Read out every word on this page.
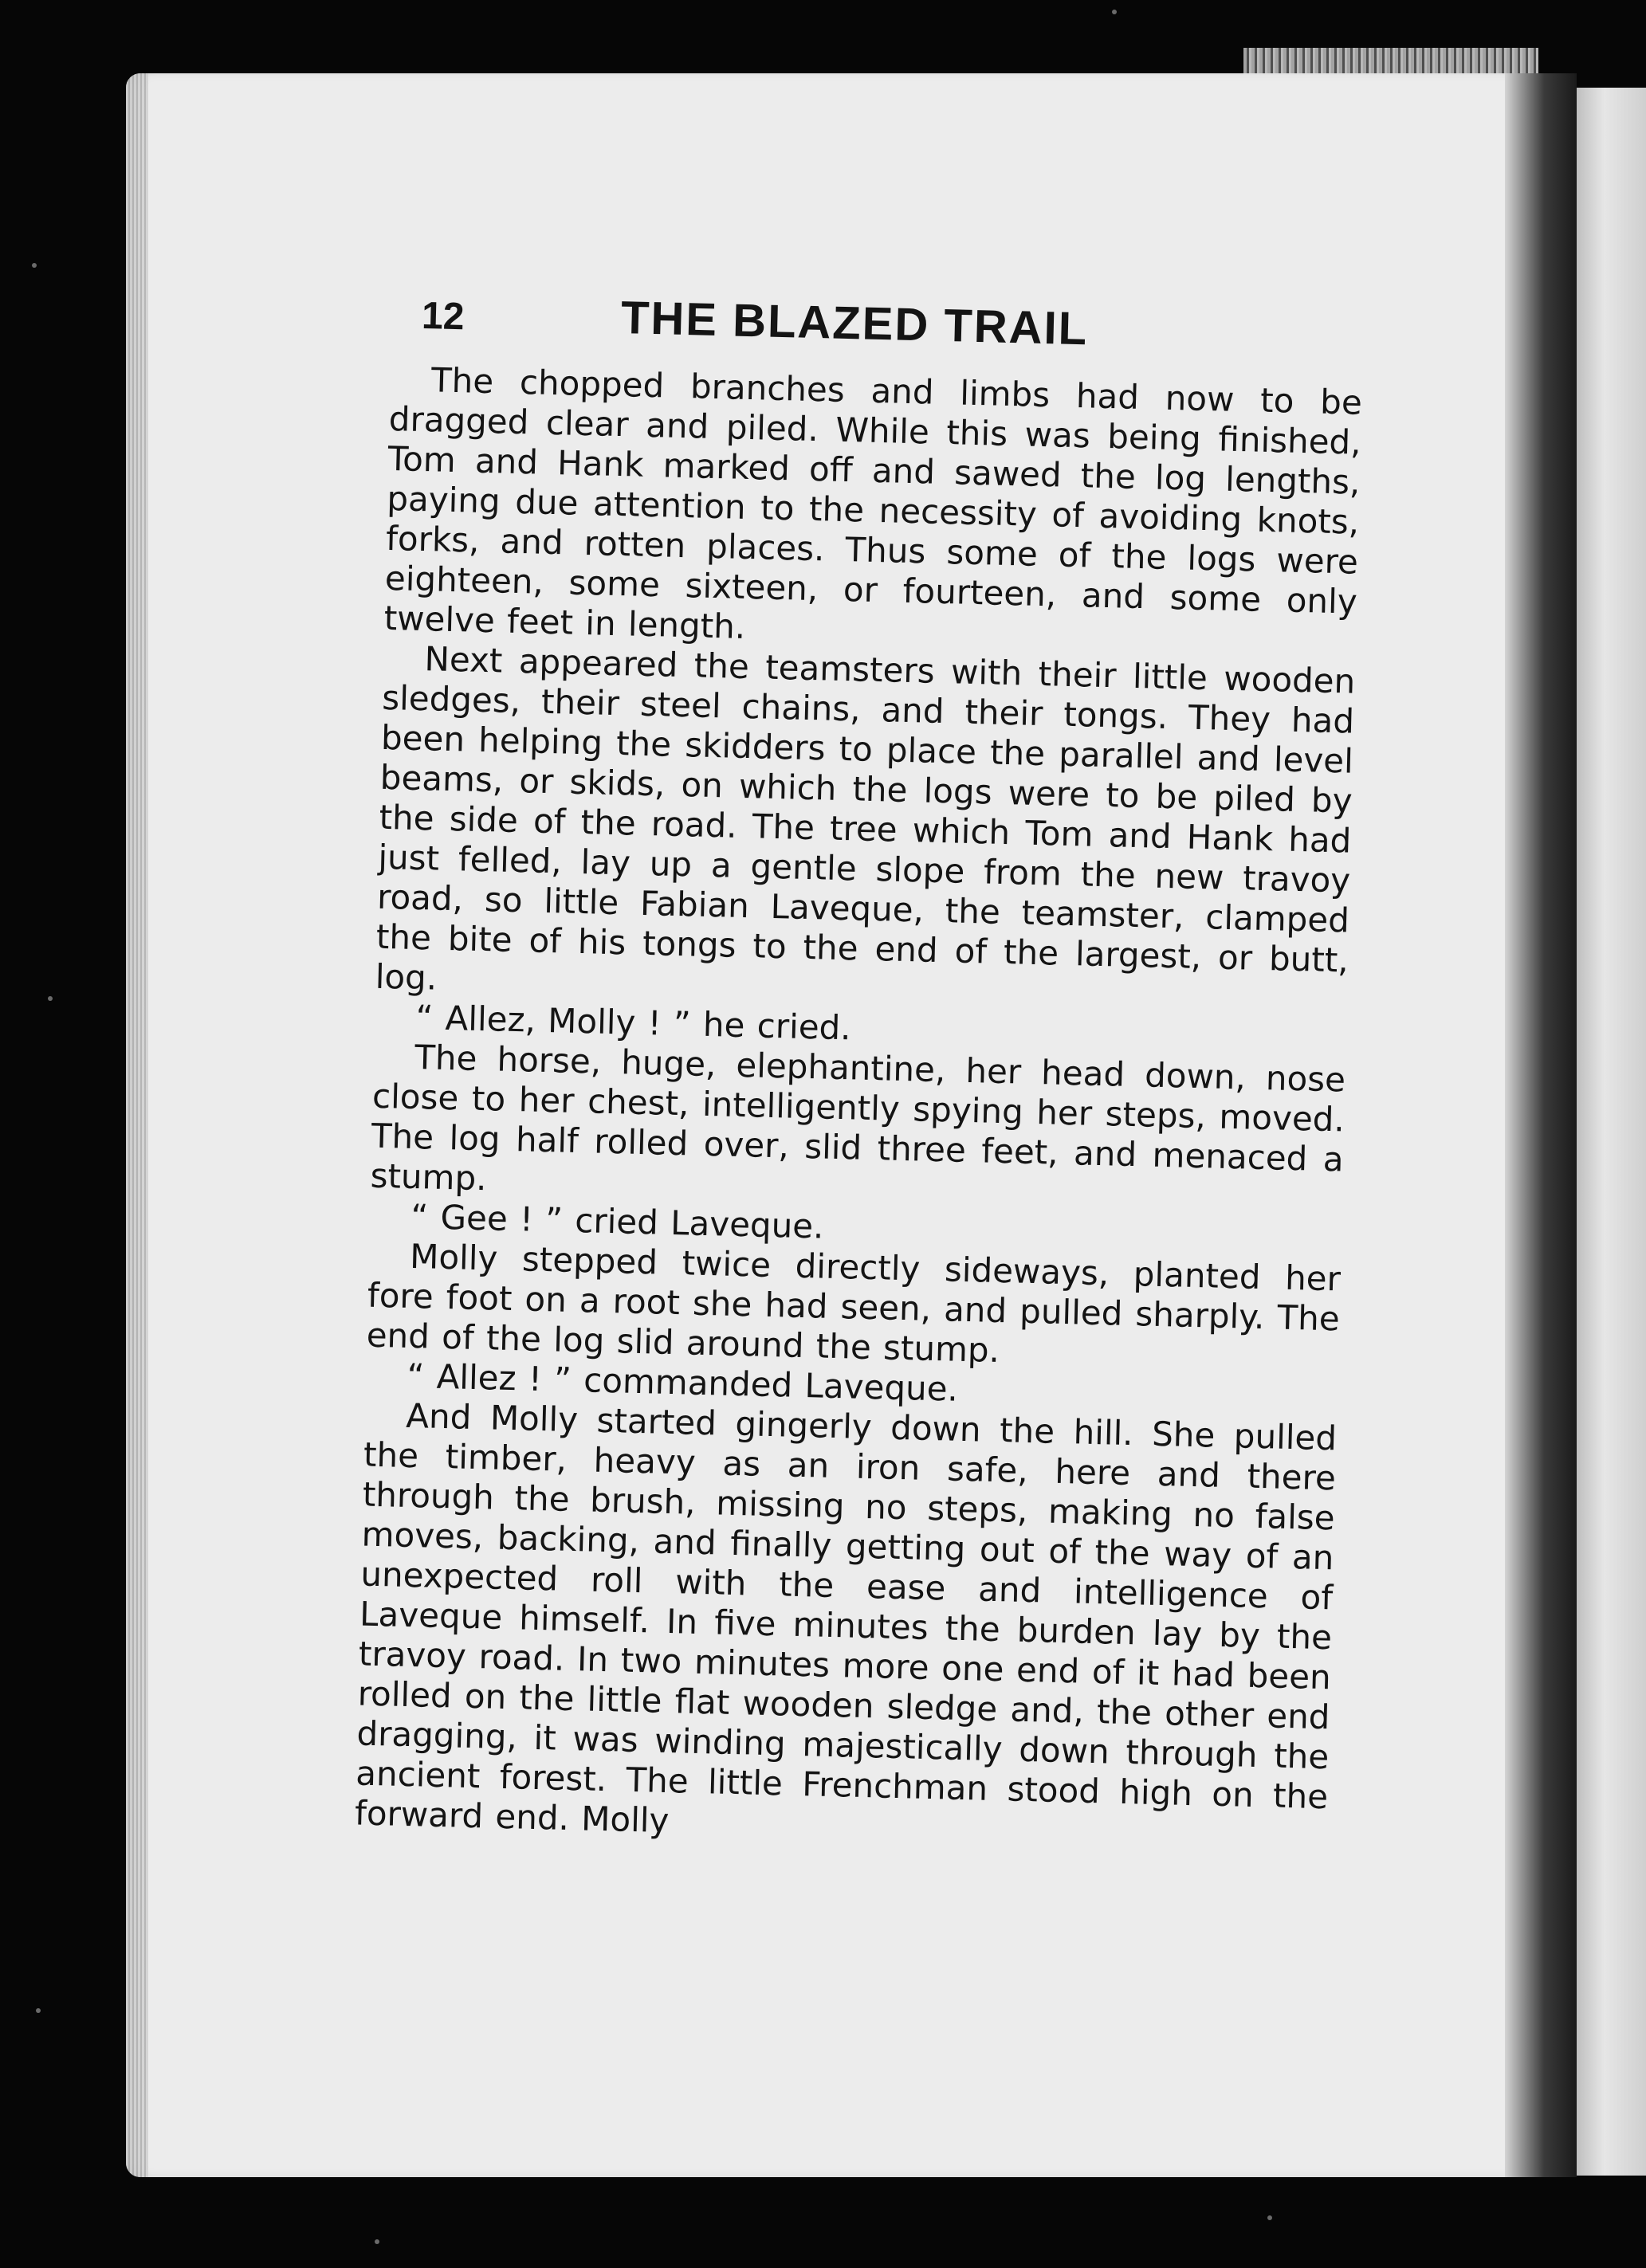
12	THE BLAZED TRAIL

The chopped branches and limbs had now to be dragged clear and piled. While this was being finished, Tom and Hank marked off and sawed the log lengths, paying due attention to the necessity of avoiding knots, forks, and rotten places. Thus some of the logs were eighteen, some sixteen, or fourteen, and some only twelve feet in length.

Next appeared the teamsters with their little wooden sledges, their steel chains, and their tongs. They had been helping the skidders to place the parallel and level beams, or skids, on which the logs were to be piled by the side of the road. The tree which Tom and Hank had just felled, lay up a gentle slope from the new travoy road, so little Fabian Laveque, the teamster, clamped the bite of his tongs to the end of the largest, or butt, log.

“ Allez, Molly ! ” he cried.

The horse, huge, elephantine, her head down, nose close to her chest, intelligently spying her steps, moved. The log half rolled over, slid three feet, and menaced a stump.

“ Gee ! ” cried Laveque.

Molly stepped twice directly sideways, planted her fore foot on a root she had seen, and pulled sharply. The end of the log slid around the stump.

“ Allez ! ” commanded Laveque.

And Molly started gingerly down the hill. She pulled the timber, heavy as an iron safe, here and there through the brush, missing no steps, making no false moves, backing, and finally getting out of the way of an unexpected roll with the ease and intelligence of Laveque himself. In five minutes the burden lay by the travoy road. In two minutes more one end of it had been rolled on the little flat wooden sledge and, the other end dragging, it was winding majestically down through the ancient forest. The little Frenchman stood high on the forward end. Molly
